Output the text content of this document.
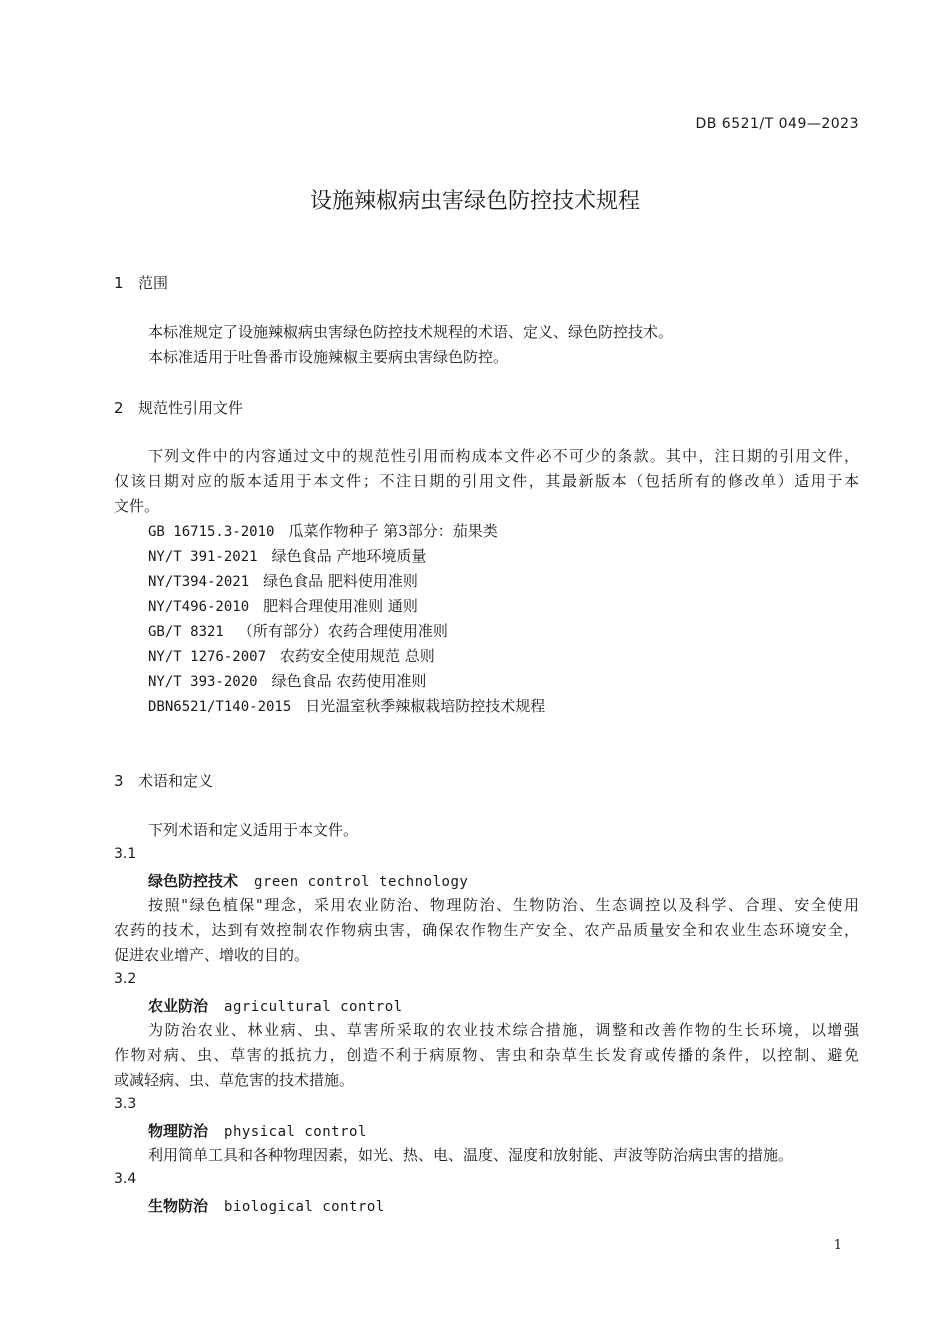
DB 6521/T 049—2023
设施辣椒病虫害绿色防控技术规程
1 范围
本标准规定了设施辣椒病虫害绿色防控技术规程的术语、定义、绿色防控技术。
本标准适用于吐鲁番市设施辣椒主要病虫害绿色防控。
2 规范性引用文件
下列文件中的内容通过文中的规范性引用而构成本文件必不可少的条款。其中，注日期的引用文件，
仅该日期对应的版本适用于本文件；不注日期的引用文件，其最新版本（包括所有的修改单）适用于本
文件。
GB 16715.3-2010 瓜菜作物种子 第3部分：茄果类
NY/T 391-2021 绿色食品 产地环境质量
NY/T394-2021 绿色食品 肥料使用准则
NY/T496-2010 肥料合理使用准则 通则
GB/T 8321 （所有部分）农药合理使用准则
NY/T 1276-2007 农药安全使用规范 总则
NY/T 393-2020 绿色食品 农药使用准则
DBN6521/T140-2015 日光温室秋季辣椒栽培防控技术规程
3 术语和定义
下列术语和定义适用于本文件。
3.1
绿色防控技术 green control technology
按照"绿色植保"理念，采用农业防治、物理防治、生物防治、生态调控以及科学、合理、安全使用
农药的技术，达到有效控制农作物病虫害，确保农作物生产安全、农产品质量安全和农业生态环境安全，
促进农业增产、增收的目的。
3.2
农业防治 agricultural control
为防治农业、林业病、虫、草害所采取的农业技术综合措施，调整和改善作物的生长环境，以增强
作物对病、虫、草害的抵抗力，创造不利于病原物、害虫和杂草生长发育或传播的条件，以控制、避免
或减轻病、虫、草危害的技术措施。
3.3
物理防治 physical control
利用简单工具和各种物理因素，如光、热、电、温度、湿度和放射能、声波等防治病虫害的措施。
3.4
生物防治 biological control
1
